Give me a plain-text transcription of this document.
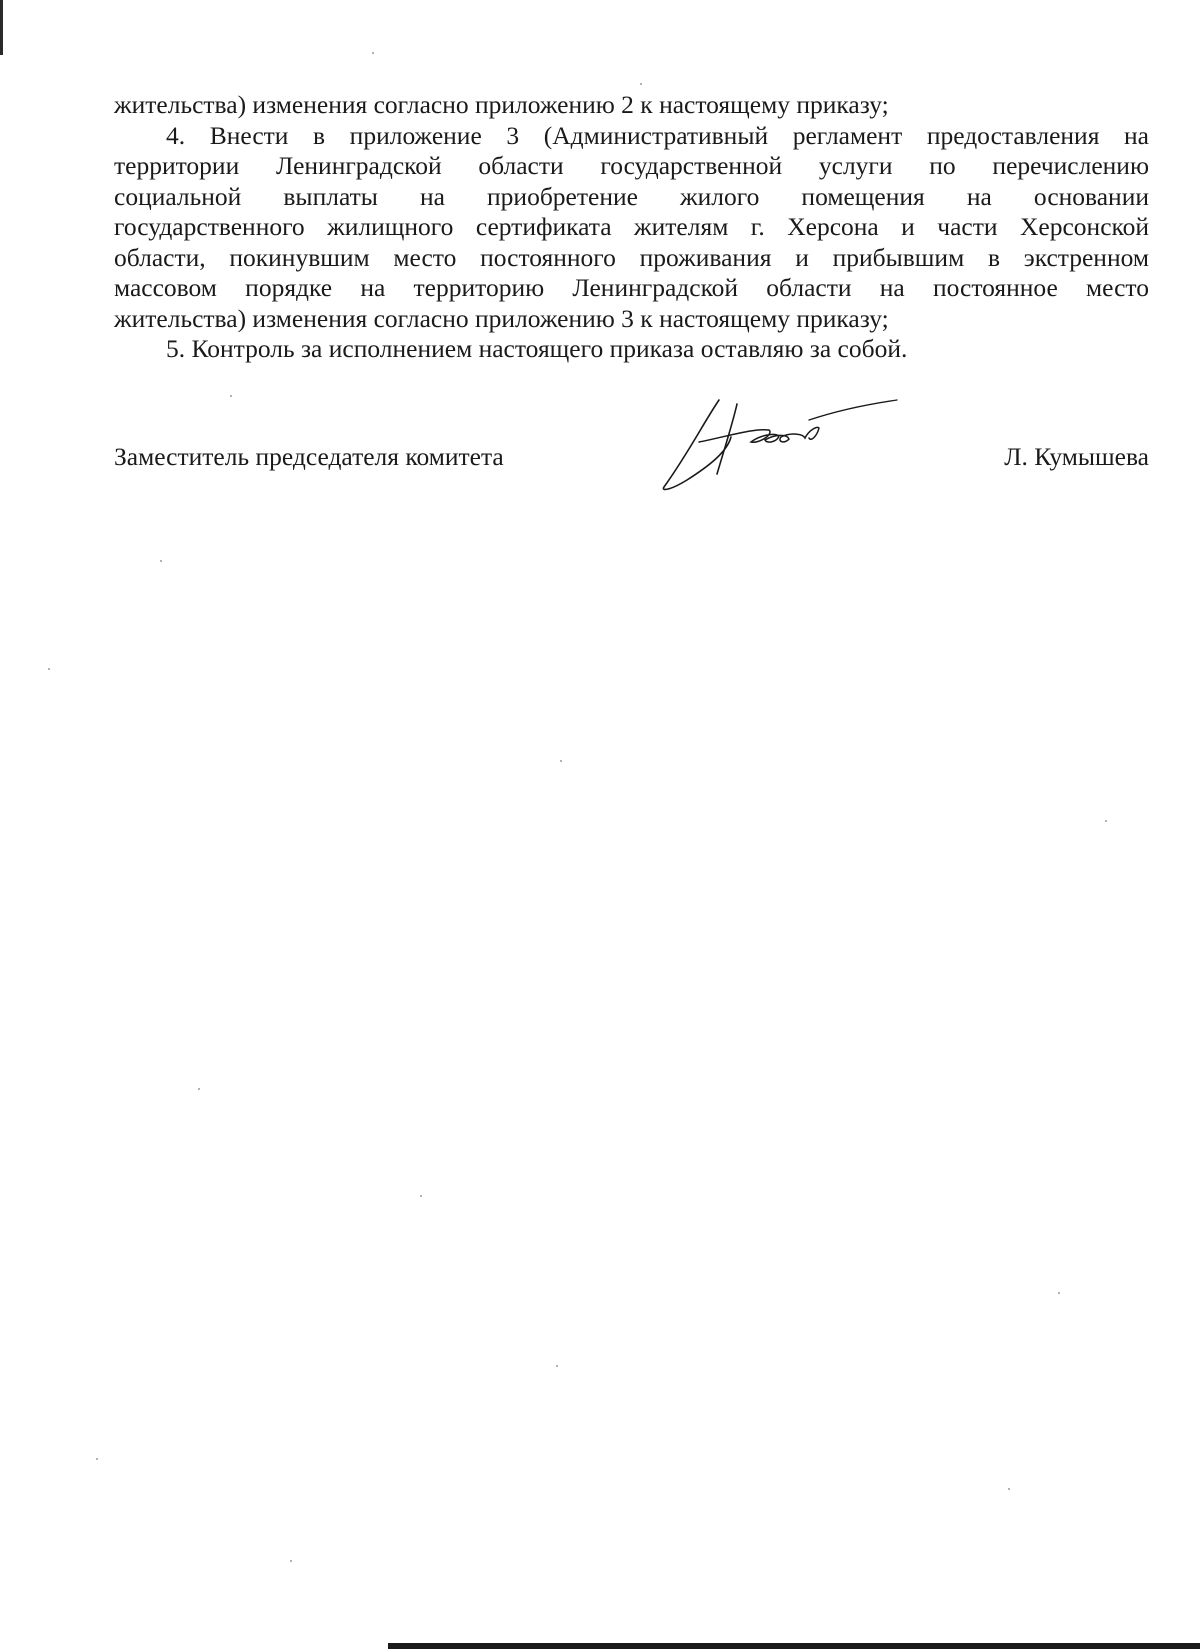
жительства) изменения согласно приложению 2 к настоящему приказу;
4. Внести в приложение 3 (Административный регламент предоставления на
территории Ленинградской области государственной услуги по перечислению
социальной выплаты на приобретение жилого помещения на основании
государственного жилищного сертификата жителям г. Херсона и части Херсонской
области, покинувшим место постоянного проживания и прибывшим в экстренном
массовом порядке на территорию Ленинградской области на постоянное место
жительства) изменения согласно приложению 3 к настоящему приказу;
5. Контроль за исполнением настоящего приказа оставляю за собой.
Заместитель председателя комитета	Л. Кумышева
